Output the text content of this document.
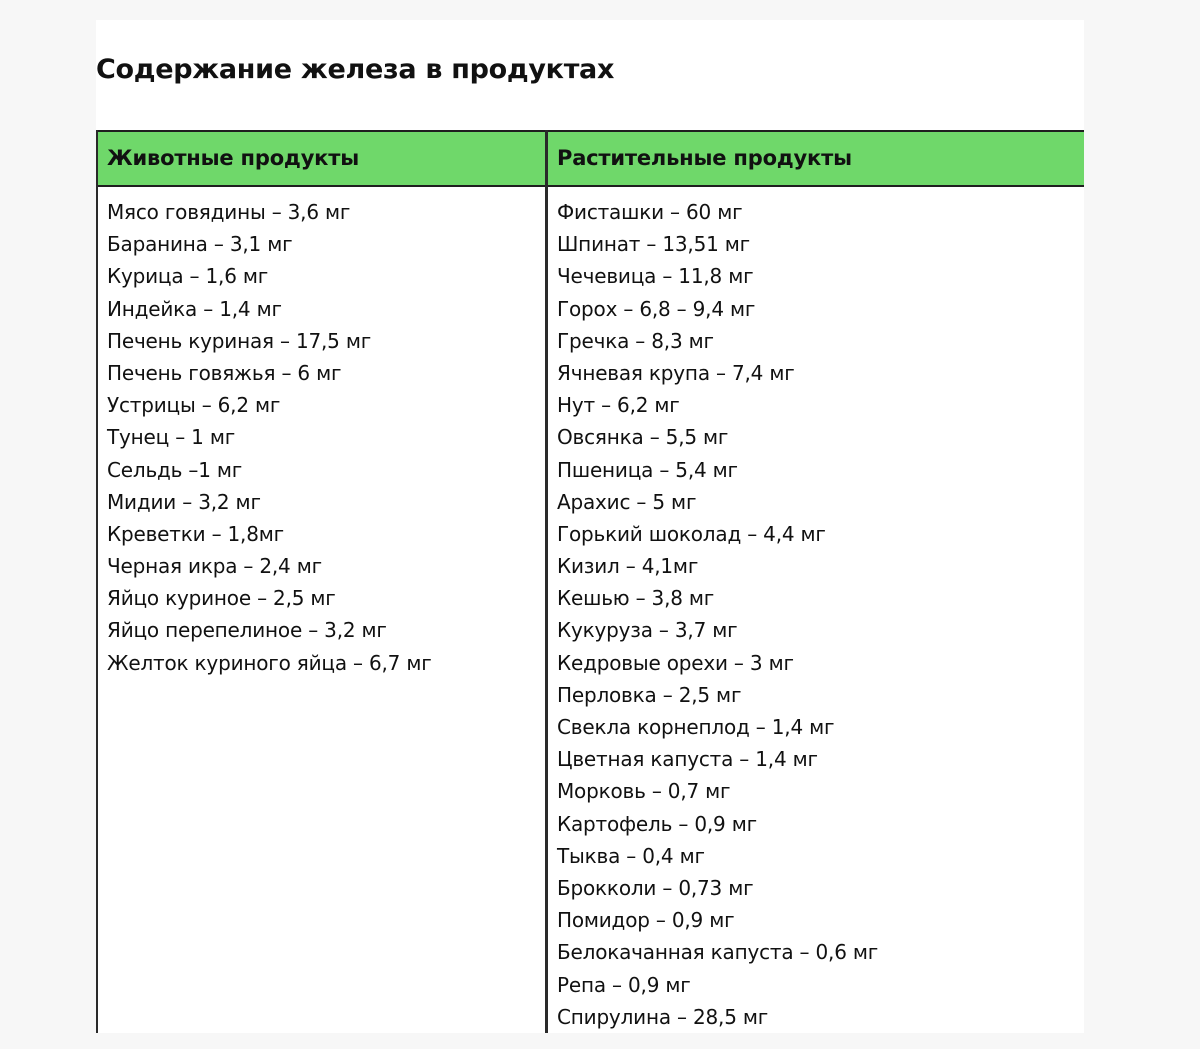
Содержание железа в продуктах
Животные продукты	Растительные продукты
Мясо говядины – 3,6 мг
Баранина – 3,1 мг
Курица – 1,6 мг
Индейка – 1,4 мг
Печень куриная – 17,5 мг
Печень говяжья – 6 мг
Устрицы – 6,2 мг
Тунец – 1 мг
Сельдь –1 мг
Мидии – 3,2 мг
Креветки – 1,8мг
Черная икра – 2,4 мг
Яйцо куриное – 2,5 мг
Яйцо перепелиное – 3,2 мг
Желток куриного яйца – 6,7 мг
Фисташки – 60 мг
Шпинат – 13,51 мг
Чечевица – 11,8 мг
Горох – 6,8 – 9,4 мг
Гречка – 8,3 мг
Ячневая крупа – 7,4 мг
Нут – 6,2 мг
Овсянка – 5,5 мг
Пшеница – 5,4 мг
Арахис – 5 мг
Горький шоколад – 4,4 мг
Кизил – 4,1мг
Кешью – 3,8 мг
Кукуруза – 3,7 мг
Кедровые орехи – 3 мг
Перловка – 2,5 мг
Свекла корнеплод – 1,4 мг
Цветная капуста – 1,4 мг
Морковь – 0,7 мг
Картофель – 0,9 мг
Тыква – 0,4 мг
Брокколи – 0,73 мг
Помидор – 0,9 мг
Белокачанная капуста – 0,6 мг
Репа – 0,9 мг
Спирулина – 28,5 мг
